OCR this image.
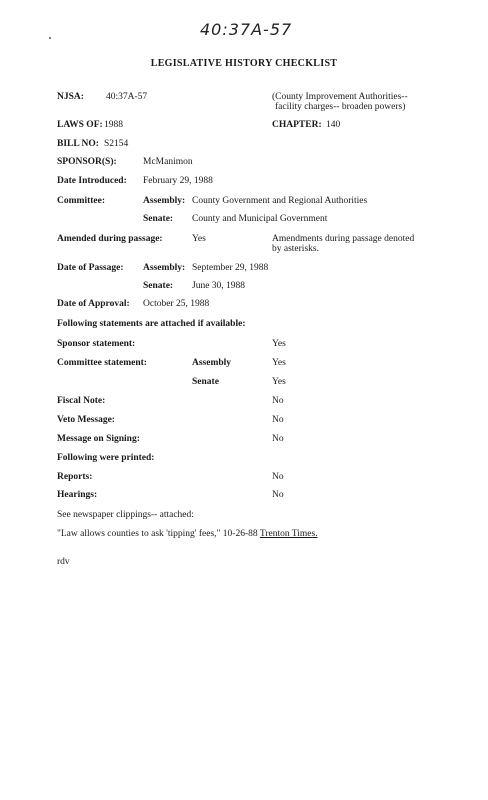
40:37A-57
LEGISLATIVE HISTORY CHECKLIST
NJSA: 40:37A-57	(County Improvement Authorities--
facility charges-- broaden powers)
LAWS OF: 1988	CHAPTER: 140
BILL NO: S2154
SPONSOR(S):	McManimon
Date Introduced: February 29, 1988
Committee:	Assembly: County Government and Regional Authorities
Senate: County and Municipal Government
Amended during passage:	Yes	Amendments during passage denoted
by asterisks.
Date of Passage: Assembly: September 29, 1988
Senate: June 30, 1988
Date of Approval: October 25, 1988
Following statements are attached if available:
Sponsor statement:	Yes
Committee statement:	Assembly	Yes
Senate	Yes
Fiscal Note:	No
Veto Message:	No
Message on Signing:	No
Following were printed:
Reports:	No
Hearings:	No
See newspaper clippings-- attached:
"Law allows counties to ask 'tipping' fees," 10-26-88 Trenton Times.
rdv
